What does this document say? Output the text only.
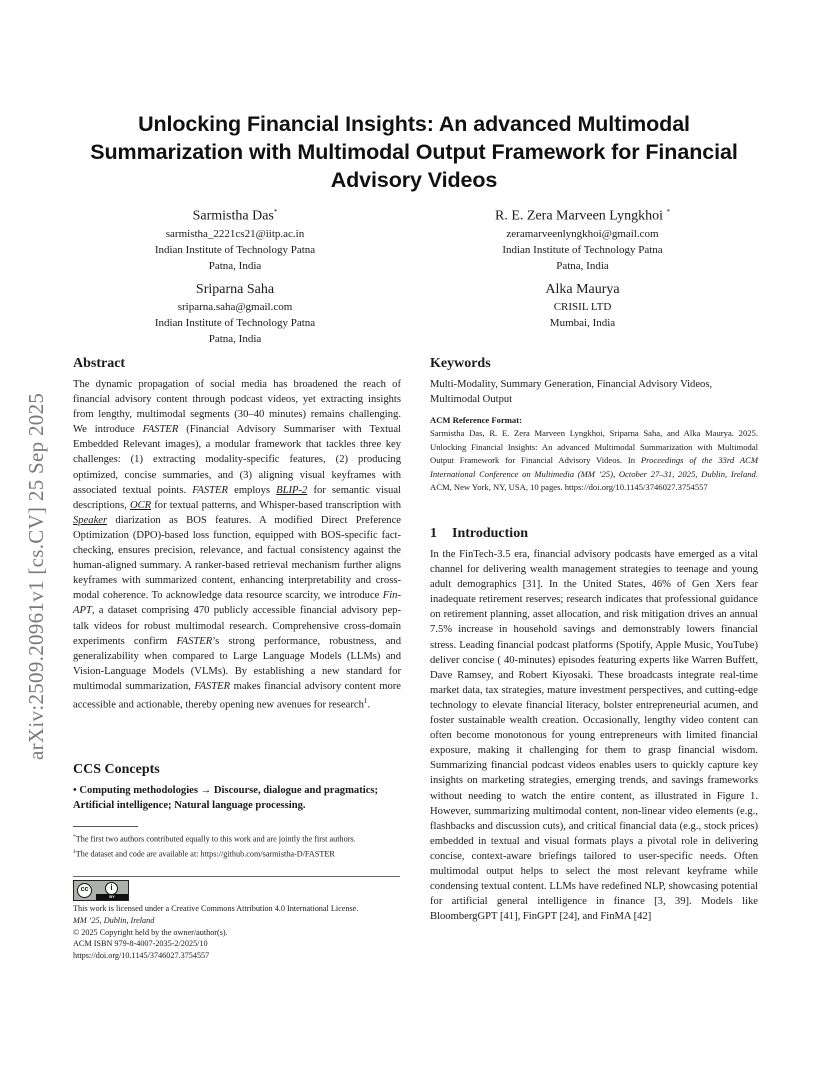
arXiv:2509.20961v1 [cs.CV] 25 Sep 2025
Unlocking Financial Insights: An advanced Multimodal Summarization with Multimodal Output Framework for Financial Advisory Videos
Sarmistha Das*
sarmistha_2221cs21@iitp.ac.in
Indian Institute of Technology Patna
Patna, India
R. E. Zera Marveen Lyngkhoi *
zeramarveenlyngkhoi@gmail.com
Indian Institute of Technology Patna
Patna, India
Sriparna Saha
sriparna.saha@gmail.com
Indian Institute of Technology Patna
Patna, India
Alka Maurya
CRISIL LTD
Mumbai, India
Abstract

The dynamic propagation of social media has broadened the reach of financial advisory content through podcast videos, yet extracting insights from lengthy, multimodal segments (30–40 minutes) remains challenging. We introduce FASTER (Financial Advisory Summariser with Textual Embedded Relevant images), a modular framework that tackles three key challenges: (1) extracting modality-specific features, (2) producing optimized, concise summaries, and (3) aligning visual keyframes with associated textual points. FASTER employs BLIP-2 for semantic visual descriptions, OCR for textual patterns, and Whisper-based transcription with Speaker diarization as BOS features. A modified Direct Preference Optimization (DPO)-based loss function, equipped with BOS-specific fact-checking, ensures precision, relevance, and factual consistency against the human-aligned summary. A ranker-based retrieval mechanism further aligns keyframes with summarized content, enhancing interpretability and cross-modal coherence. To acknowledge data resource scarcity, we introduce Fin-APT, a dataset comprising 470 publicly accessible financial advisory pep-talk videos for robust multimodal research. Comprehensive cross-domain experiments confirm FASTER’s strong performance, robustness, and generalizability when compared to Large Language Models (LLMs) and Vision-Language Models (VLMs). By establishing a new standard for multimodal summarization, FASTER makes financial advisory content more accessible and actionable, thereby opening new avenues for research$^1$.

CCS Concepts
• Computing methodologies → Discourse, dialogue and pragmatics; Artificial intelligence; Natural language processing.
*The first two authors contributed equally to this work and are jointly the first authors.
$^1$The dataset and code are available at: https://github.com/sarmistha-D/FASTER
cc	i
BY
This work is licensed under a Creative Commons Attribution 4.0 International License.
MM ’25, Dublin, Ireland
© 2025 Copyright held by the owner/author(s).
ACM ISBN 979-8-4007-2035-2/2025/10
https://doi.org/10.1145/3746027.3754557
Keywords
Multi-Modality, Summary Generation, Financial Advisory Videos, Multimodal Output
ACM Reference Format:
Sarmistha Das, R. E. Zera Marveen Lyngkhoi, Sriparna Saha, and Alka Maurya. 2025. Unlocking Financial Insights: An advanced Multimodal Summarization with Multimodal Output Framework for Financial Advisory Videos. In Proceedings of the 33rd ACM International Conference on Multimedia (MM ’25), October 27–31, 2025, Dublin, Ireland. ACM, New York, NY, USA, 10 pages. https://doi.org/10.1145/3746027.3754557
1 Introduction

In the FinTech-3.5 era, financial advisory podcasts have emerged as a vital channel for delivering wealth management strategies to teenage and young adult demographics [31]. In the United States, 46% of Gen Xers fear inadequate retirement reserves; research indicates that professional guidance on retirement planning, asset allocation, and risk mitigation drives an annual 7.5% increase in household savings and demonstrably lowers financial stress. Leading financial podcast platforms (Spotify, Apple Music, YouTube) deliver concise ( 40-minutes) episodes featuring experts like Warren Buffett, Dave Ramsey, and Robert Kiyosaki. These broadcasts integrate real-time market data, tax strategies, mature investment perspectives, and cutting-edge technology to elevate financial literacy, bolster entrepreneurial acumen, and foster sustainable wealth creation. Occasionally, lengthy video content can often become monotonous for young entrepreneurs with limited financial exposure, making it challenging for them to grasp financial wisdom. Summarizing financial podcast videos enables users to quickly capture key insights on marketing strategies, emerging trends, and savings frameworks without needing to watch the entire content, as illustrated in Figure 1. However, summarizing multimodal content, non-linear video elements (e.g., flashbacks and discussion cuts), and critical financial data (e.g., stock prices) embedded in textual and visual formats plays a pivotal role in delivering concise, context-aware briefings tailored to user-specific needs. Often multimodal output helps to select the most relevant keyframe while condensing textual content. LLMs have redefined NLP, showcasing potential for artificial general intelligence in finance [3, 39]. Models like BloombergGPT [41], FinGPT [24], and FinMA [42]
